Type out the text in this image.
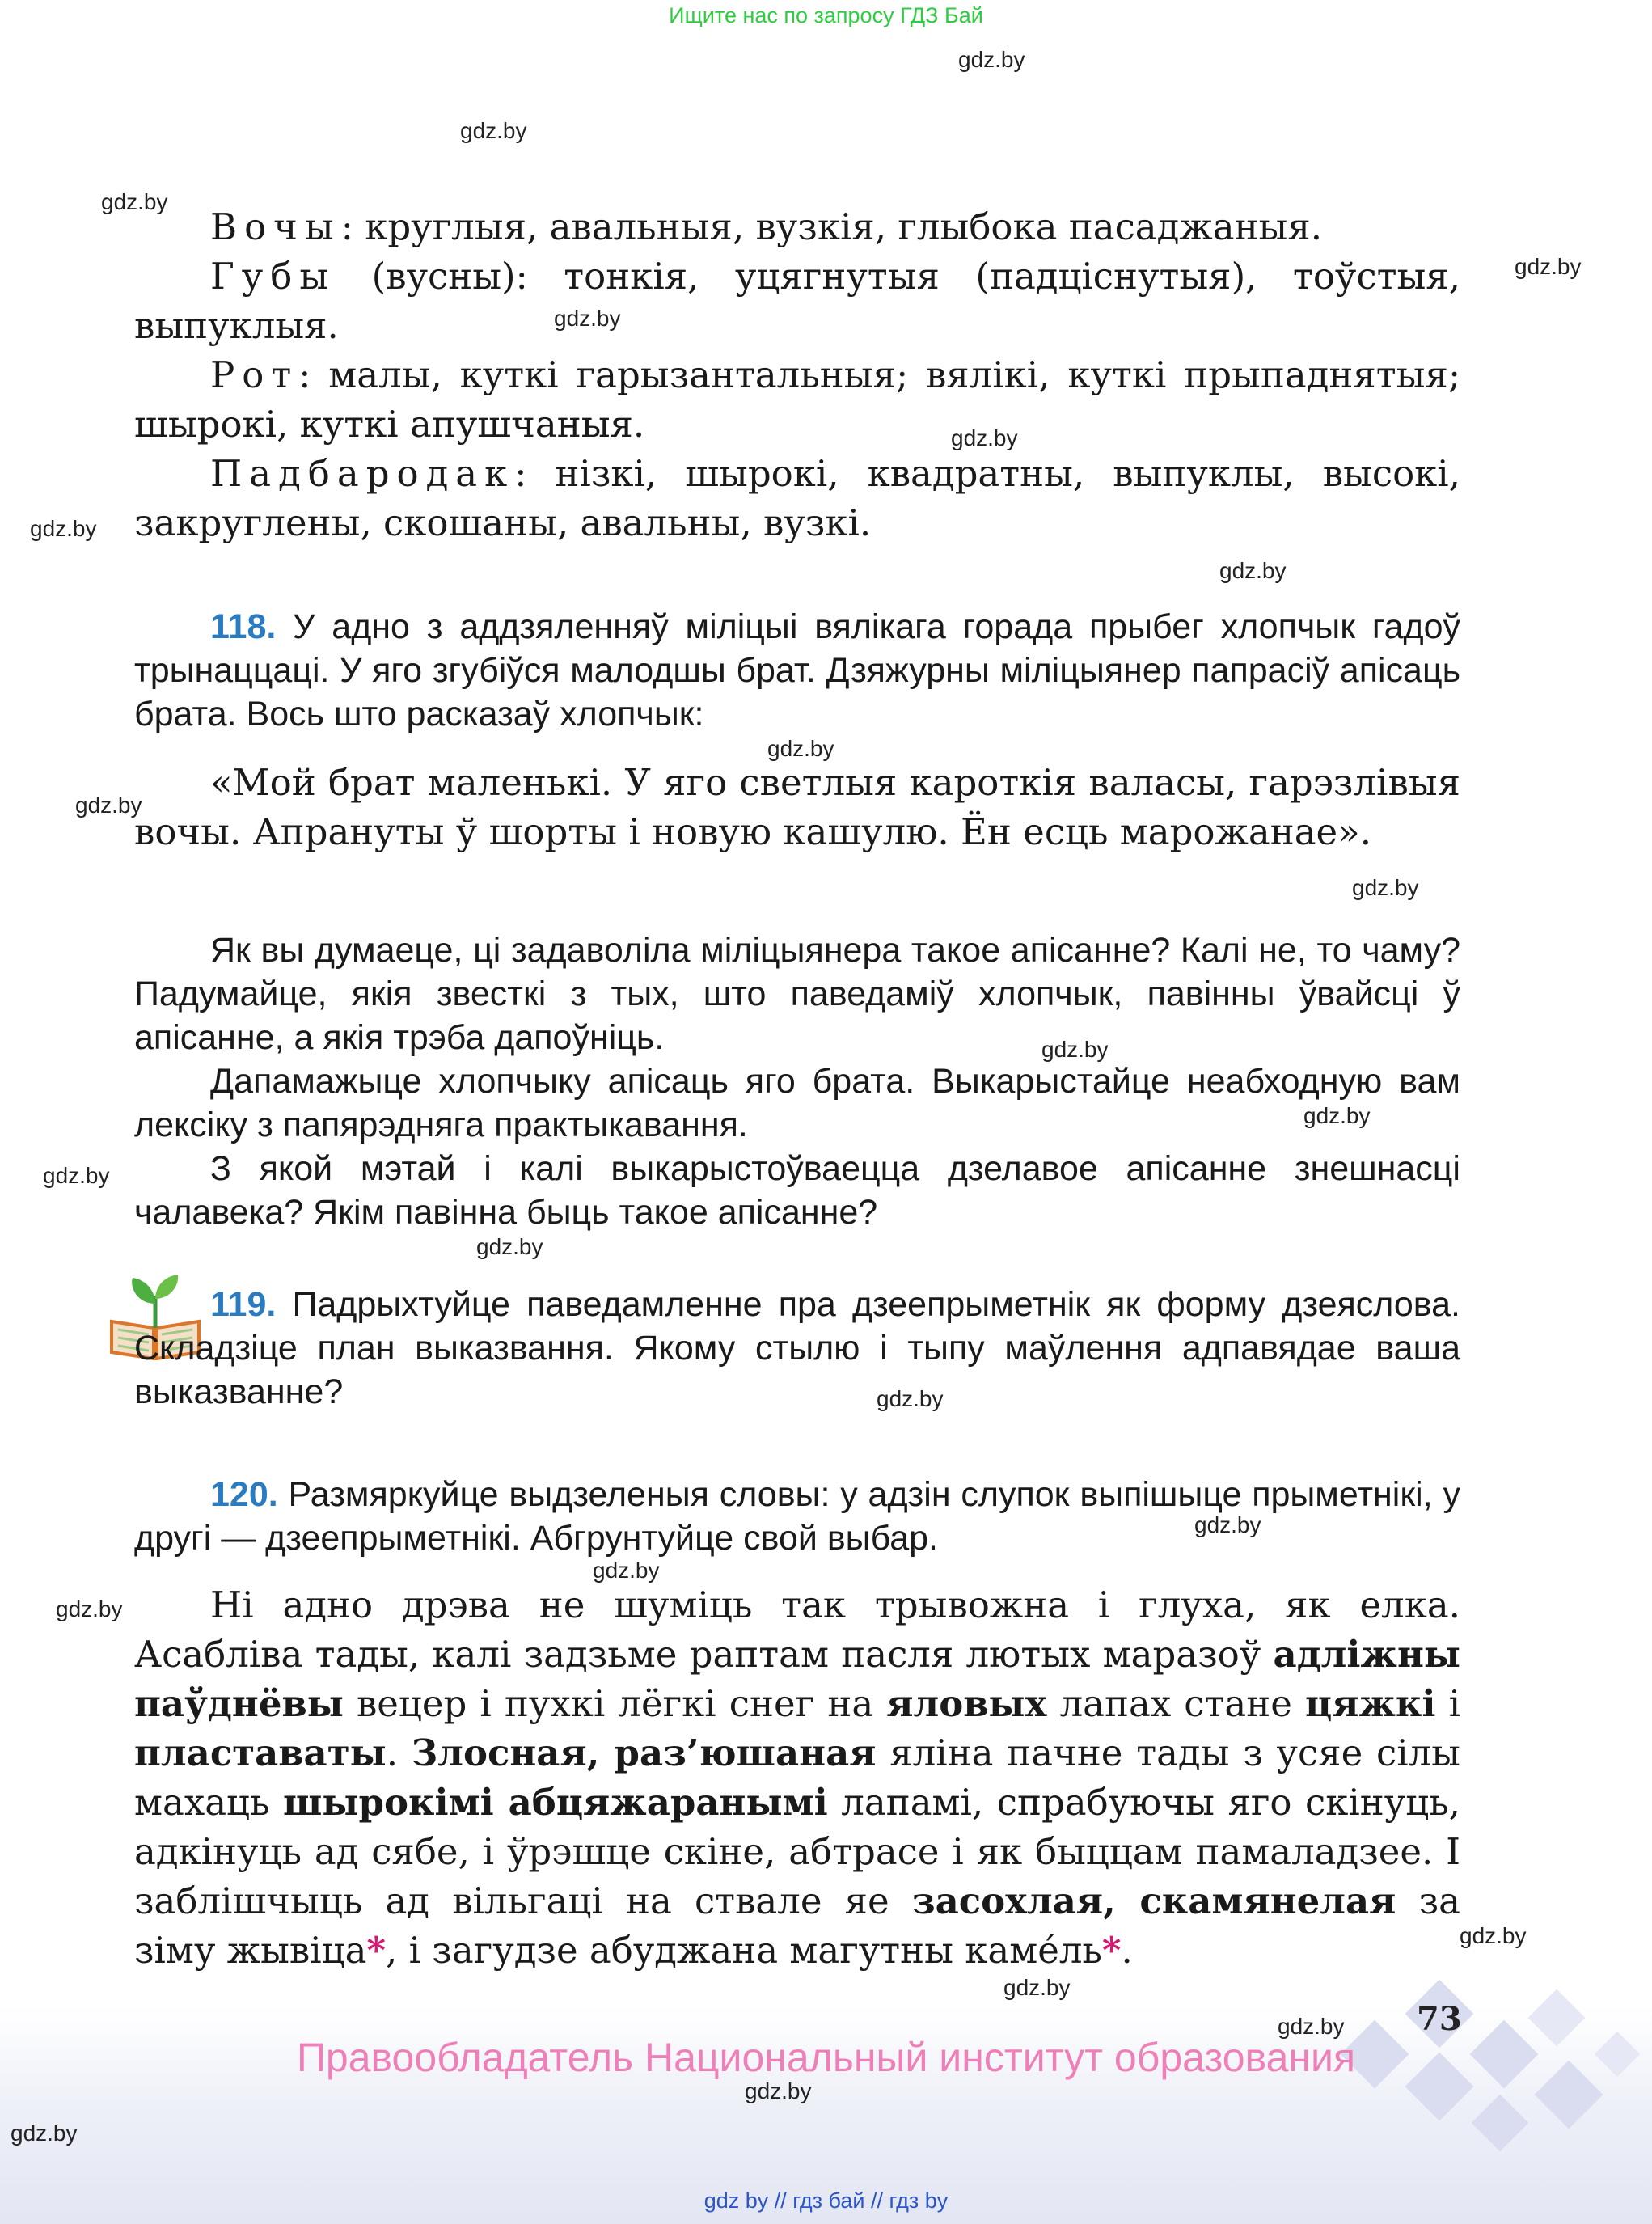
Ищите нас по запросу ГДЗ Бай
gdz.by
gdz.by
gdz.by
gdz.by
gdz.by
gdz.by
gdz.by
gdz.by
gdz.by
gdz.by
gdz.by
gdz.by
gdz.by
gdz.by
gdz.by
gdz.by
gdz.by
gdz.by
gdz.by
gdz.by
gdz.by
gdz.by
gdz.by
gdz.by

Вочы: круглыя, авальныя, вузкія, глыбока пасаджаныя.

Губы (вусны): тонкія, уцягнутыя (падціснутыя), тоўстыя, выпуклыя.

Рот: малы, куткі гарызантальныя; вялікі, куткі прыпаднятыя; шырокі, куткі апушчаныя.

Падбародак: нізкі, шырокі, квадратны, выпуклы, высокі, закруглены, скошаны, авальны, вузкі.

118. У адно з аддзяленняў міліцыі вялікага горада прыбег хлопчык гадоў трынаццаці. У яго згубіўся малодшы брат. Дзяжурны міліцыянер папрасіў апісаць брата. Вось што расказаў хлопчык:

«Мой брат маленькі. У яго светлыя кароткія валасы, гарэзлівыя вочы. Апрануты ў шорты і новую кашулю. Ён есць марожанае».

Як вы думаеце, ці задаволіла міліцыянера такое апісанне? Калі не, то чаму? Падумайце, якія звесткі з тых, што паведаміў хлопчык, павінны ўвайсці ў апісанне, а якія трэба дапоўніць.

Дапамажыце хлопчыку апісаць яго брата. Выкарыстайце неабходную вам лексіку з папярэдняга практыкавання.

З якой мэтай і калі выкарыстоўваецца дзелавое апісанне знешнасці чалавека? Якім павінна быць такое апісанне?

119. Падрыхтуйце паведамленне пра дзеепрыметнік як форму дзеяслова. Складзіце план выказвання. Якому стылю і тыпу маўлення адпавядае ваша выказванне?

120. Размяркуйце выдзеленыя словы: у адзін слупок выпішыце прыметнікі, у другі — дзеепрыметнікі. Абгрунтуйце свой выбар.

Ні адно дрэва не шуміць так трывожна і глуха, як елка. Асабліва тады, калі задзьме раптам пасля лютых маразоў адліжны паўднёвы вецер і пухкі лёгкі снег на яловых лапах стане цяжкі і пластаваты. Злосная, раз’юшаная яліна пачне тады з усяе сілы махаць шырокімі абцяжаранымі лапамі, спрабуючы яго скінуць, адкінуць ад сябе, і ўрэшце скіне, абтрасе і як быццам памаладзее. І заблішчыць ад вільгаці на ствале яе засохлая, скамянелая за зіму жывіца*, і загудзе абуджана магутны каме́ль*.

73
Правообладатель Национальный институт образования
gdz by // гдз бай // гдз by
